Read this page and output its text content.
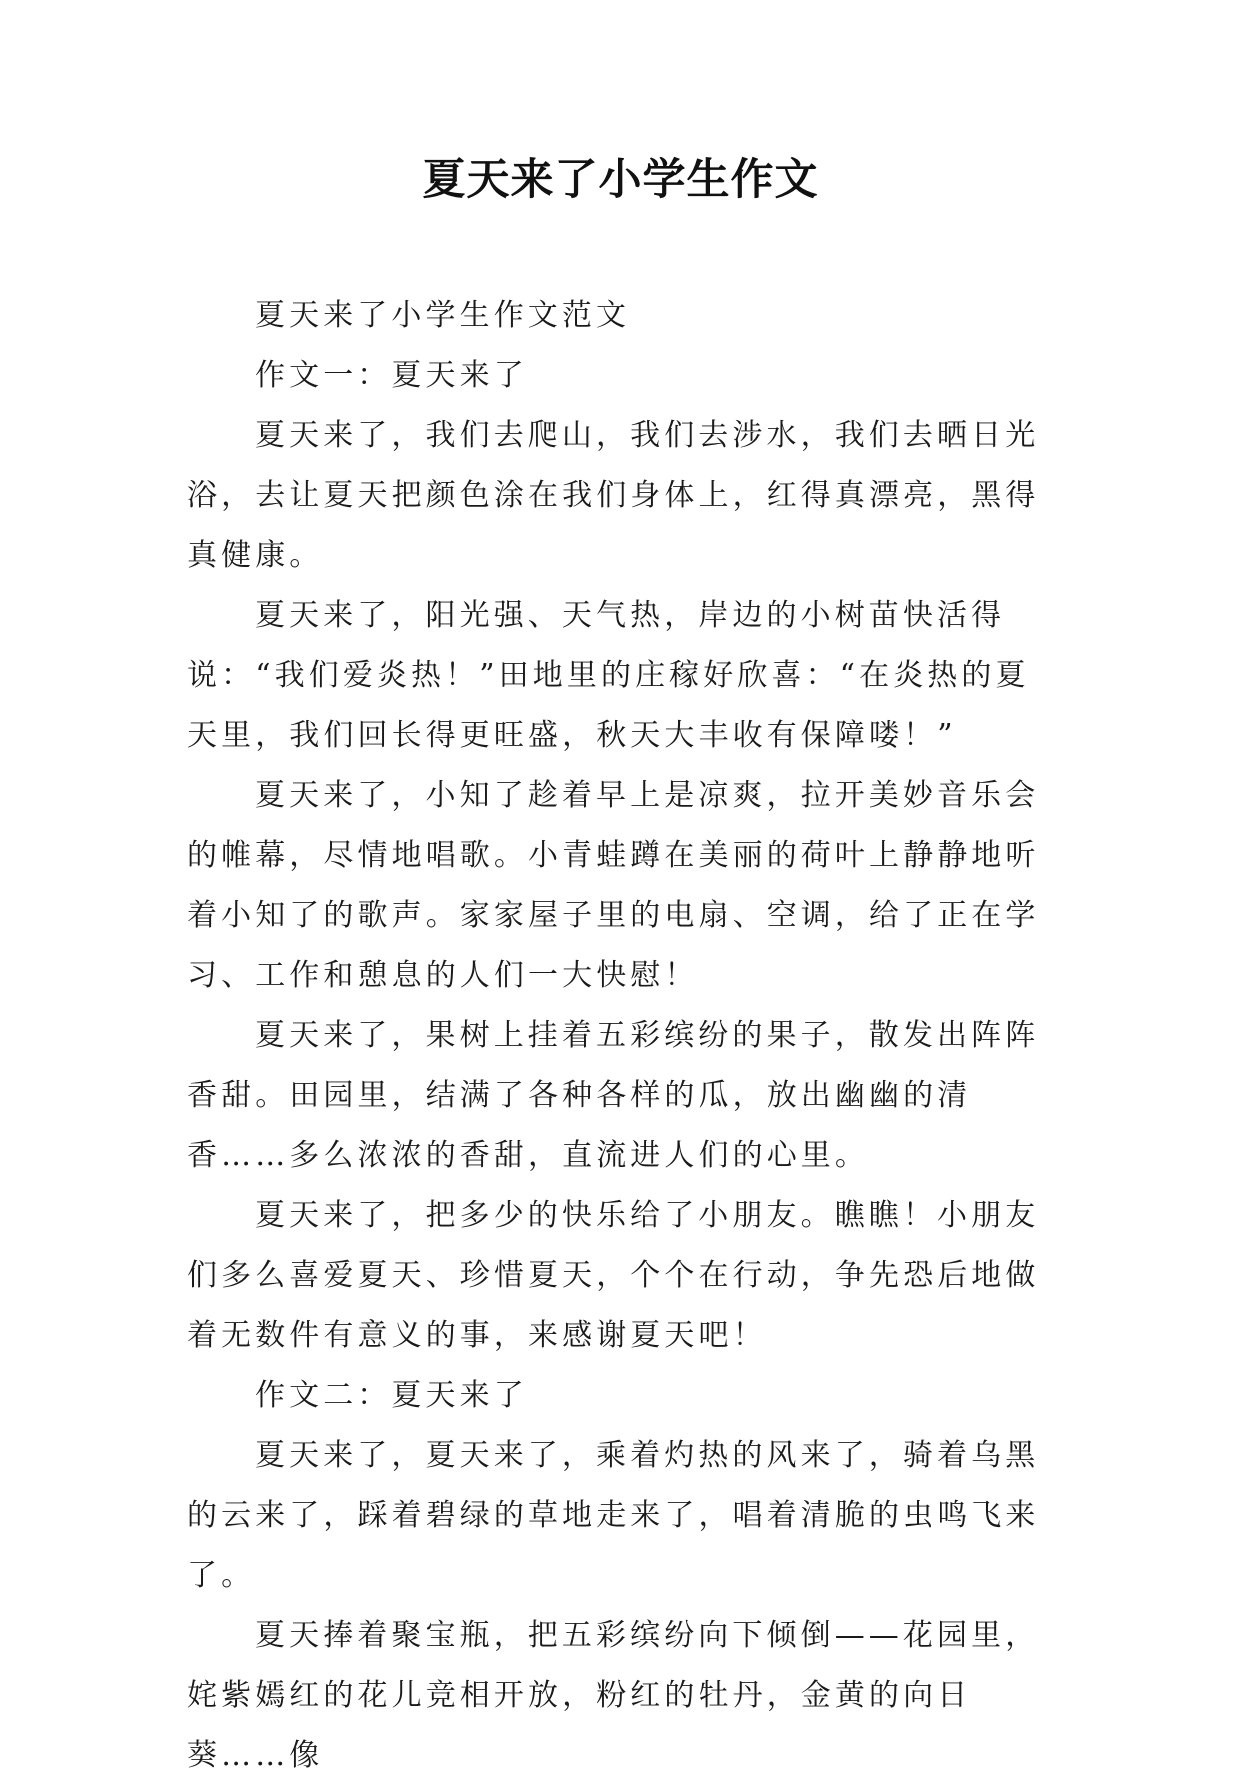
夏天来了小学生作文

夏天来了小学生作文范文

作文一：夏天来了

夏天来了，我们去爬山，我们去涉水，我们去晒日光浴，去让夏天把颜色涂在我们身体上，红得真漂亮，黑得真健康。

夏天来了，阳光强、天气热，岸边的小树苗快活得说：“我们爱炎热！”田地里的庄稼好欣喜：“在炎热的夏天里，我们回长得更旺盛，秋天大丰收有保障喽！”

夏天来了，小知了趁着早上是凉爽，拉开美妙音乐会的帷幕，尽情地唱歌。小青蛙蹲在美丽的荷叶上静静地听着小知了的歌声。家家屋子里的电扇、空调，给了正在学习、工作和憩息的人们一大快慰！

夏天来了，果树上挂着五彩缤纷的果子，散发出阵阵香甜。田园里，结满了各种各样的瓜，放出幽幽的清香……多么浓浓的香甜，直流进人们的心里。

夏天来了，把多少的快乐给了小朋友。瞧瞧！小朋友们多么喜爱夏天、珍惜夏天，个个在行动，争先恐后地做着无数件有意义的事，来感谢夏天吧！

作文二：夏天来了

夏天来了，夏天来了，乘着灼热的风来了，骑着乌黑的云来了，踩着碧绿的草地走来了，唱着清脆的虫鸣飞来了。

夏天捧着聚宝瓶，把五彩缤纷向下倾倒——花园里，姹紫嫣红的花儿竞相开放，粉红的牡丹，金黄的向日葵……像
